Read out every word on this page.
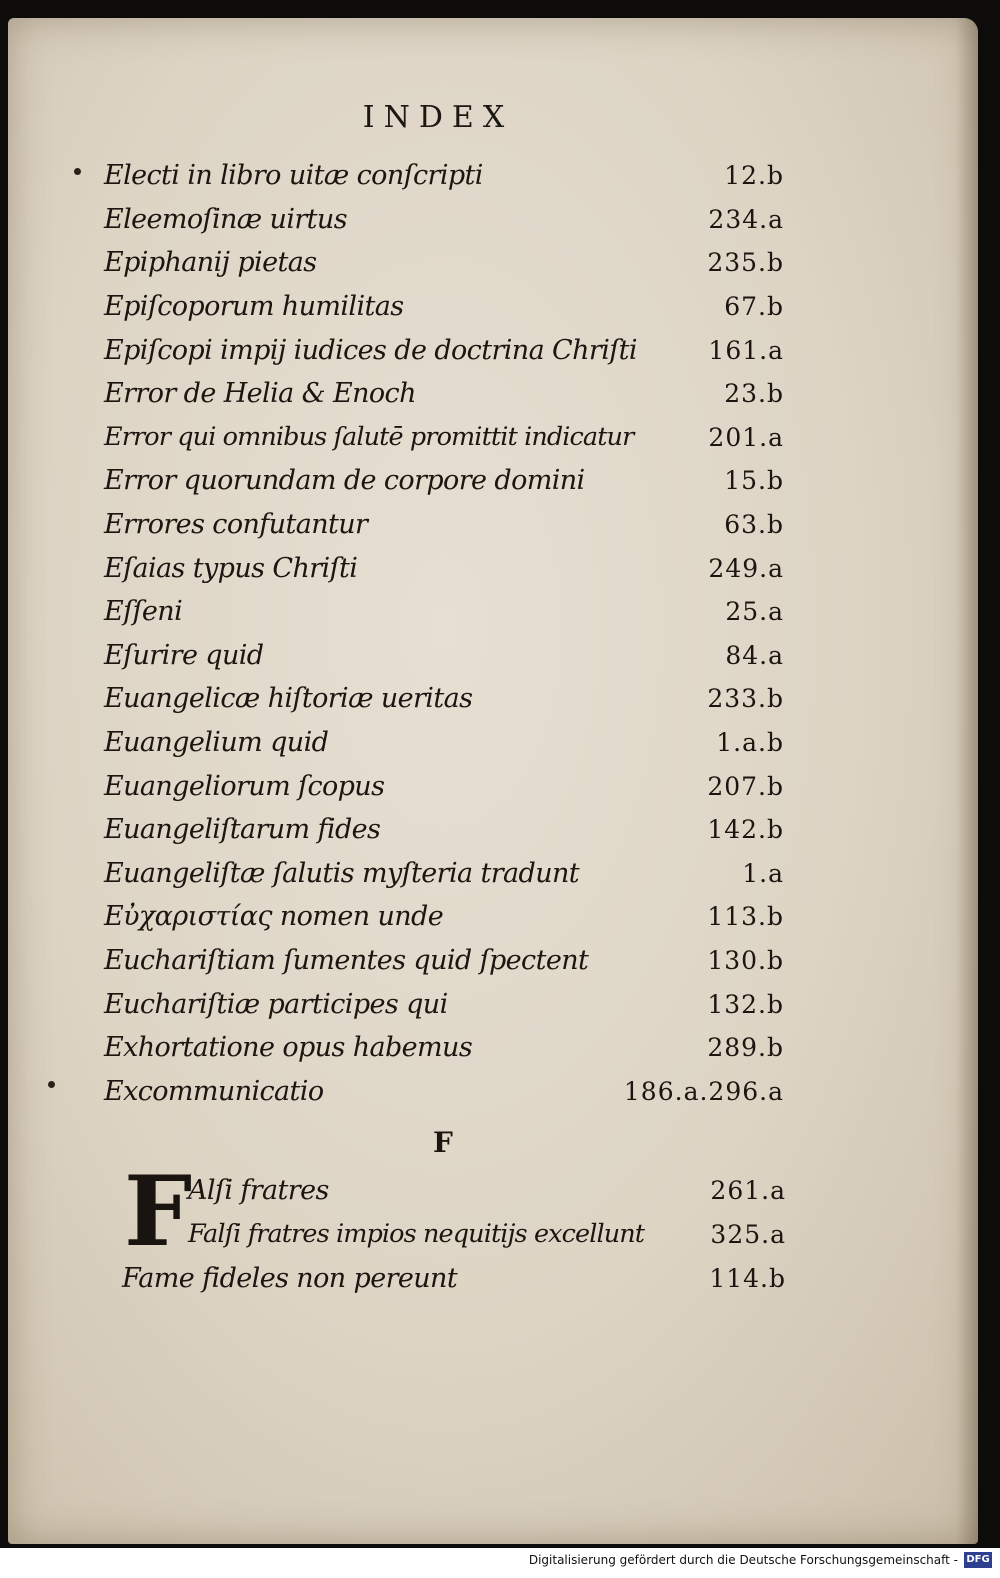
INDEX
Electi in libro uitæ conſcripti	12.b
Eleemoſinæ uirtus	234.a
Epiphanij pietas	235.b
Epiſcoporum humilitas	67.b
Epiſcopi impij iudices de doctrina Chriſti	161.a
Error de Helia & Enoch	23.b
Error qui omnibus ſalutē promittit indicatur	201.a
Error quorundam de corpore domini	15.b
Errores confutantur	63.b
Eſaias typus Chriſti	249.a
Eſſeni	25.a
Eſurire quid	84.a
Euangelicæ hiſtoriæ ueritas	233.b
Euangelium quid	1.a.b
Euangeliorum ſcopus	207.b
Euangeliſtarum fides	142.b
Euangeliſtæ ſalutis myſteria tradunt	1.a
Εὐχαριστίας nomen unde	113.b
Euchariſtiam ſumentes quid ſpectent	130.b
Euchariſtiæ participes qui	132.b
Exhortatione opus habemus	289.b
Excommunicatio	186.a.296.a
F
F
Alſi fratres	261.a
Falſi fratres impios nequitijs excellunt	325.a
Fame fideles non pereunt	114.b
Digitalisierung gefördert durch die Deutsche Forschungsgemeinschaft - DFG
